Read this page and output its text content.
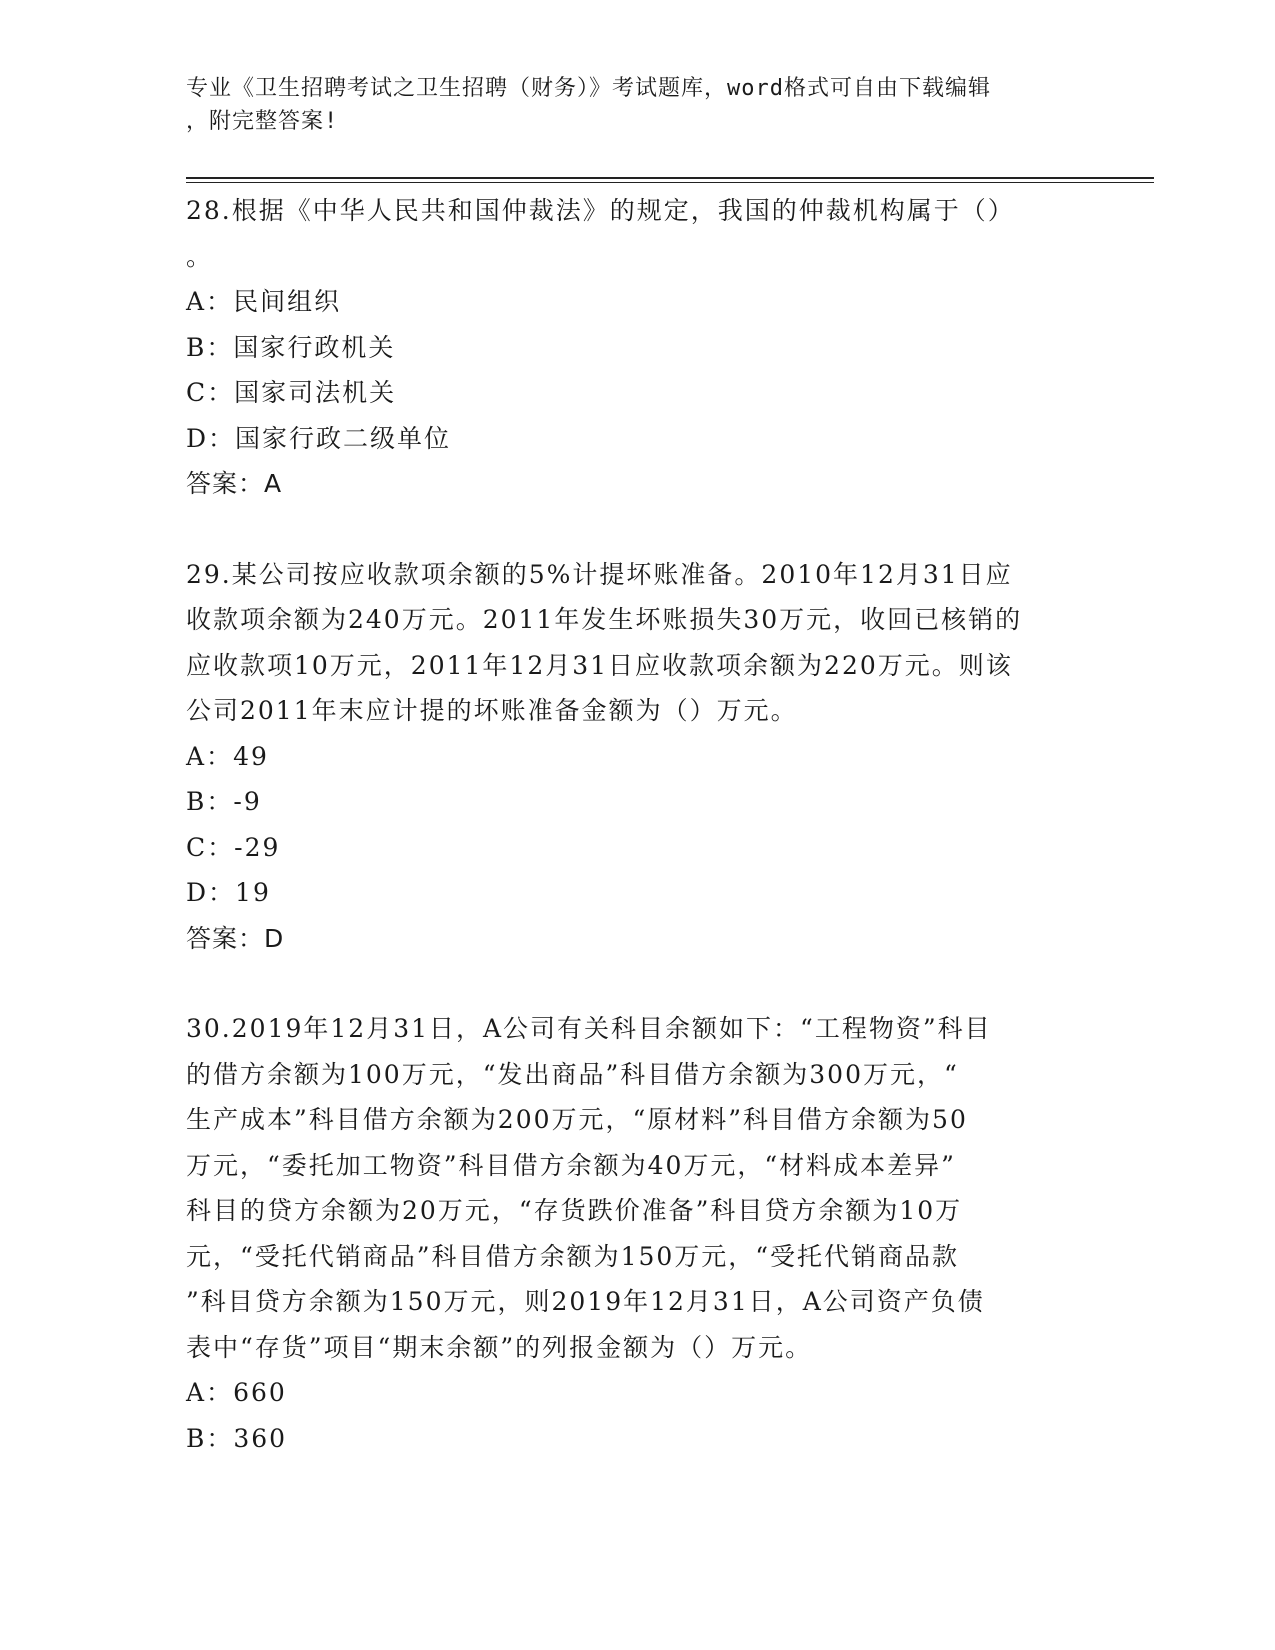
专业《卫生招聘考试之卫生招聘（财务）》考试题库，word格式可自由下载编辑
，附完整答案!

28.根据《中华人民共和国仲裁法》的规定，我国的仲裁机构属于（）

。

A：民间组织

B：国家行政机关

C：国家司法机关

D：国家行政二级单位

答案：A

29.某公司按应收款项余额的5%计提坏账准备。2010年12月31日应

收款项余额为240万元。2011年发生坏账损失30万元，收回已核销的

应收款项10万元，2011年12月31日应收款项余额为220万元。则该

公司2011年末应计提的坏账准备金额为（）万元。

A：49

B：-9

C：-29

D：19

答案：D

30.2019年12月31日，A公司有关科目余额如下：“工程物资”科目

的借方余额为100万元，“发出商品”科目借方余额为300万元，“

生产成本”科目借方余额为200万元，“原材料”科目借方余额为50

万元，“委托加工物资”科目借方余额为40万元，“材料成本差异”

科目的贷方余额为20万元，“存货跌价准备”科目贷方余额为10万

元，“受托代销商品”科目借方余额为150万元，“受托代销商品款

”科目贷方余额为150万元，则2019年12月31日，A公司资产负债

表中“存货”项目“期末余额”的列报金额为（）万元。

A：660

B：360
